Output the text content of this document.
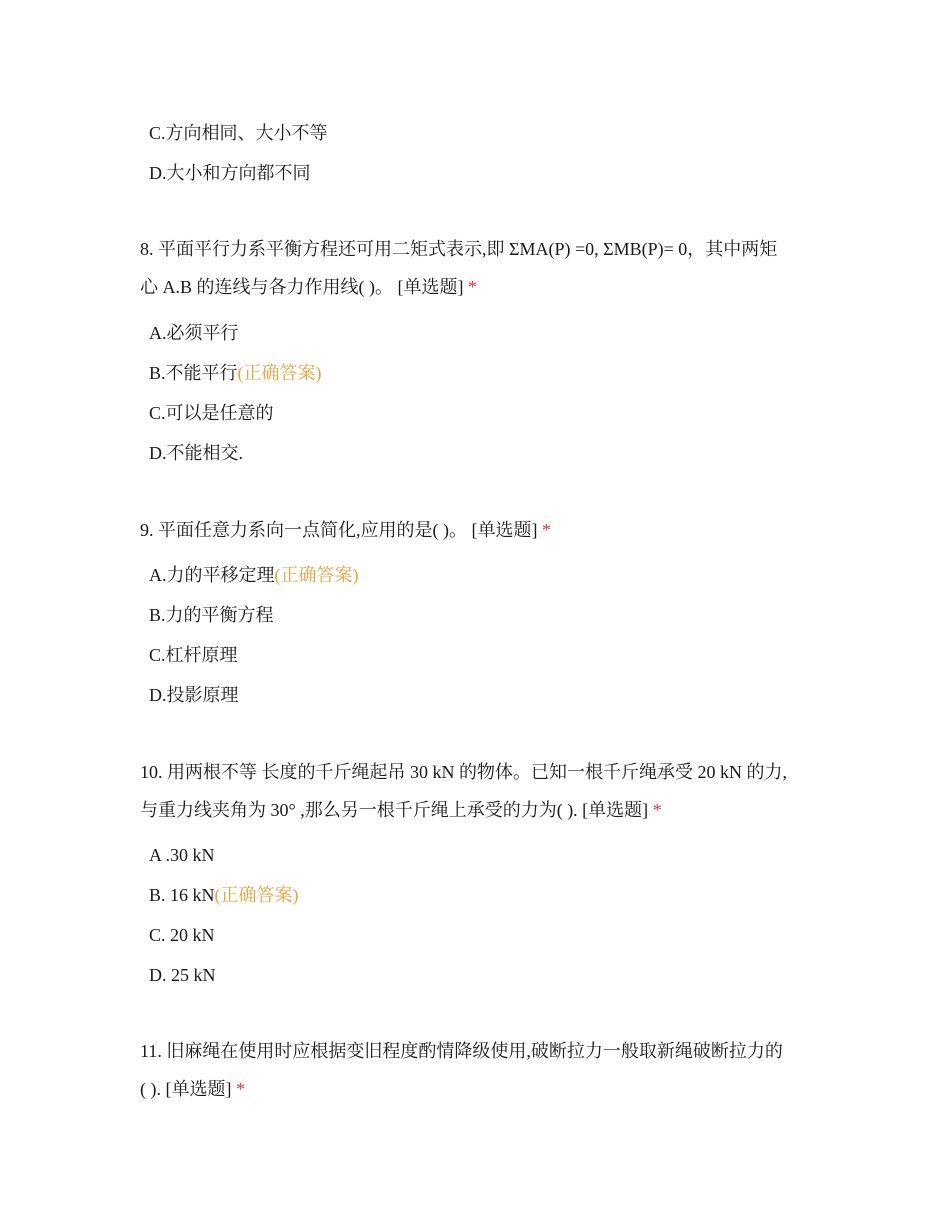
C.方向相同、大小不等
D.大小和方向都不同
8. 平面平行力系平衡方程还可用二矩式表示,即 ΣMA(P) =0, ΣMB(P)= 0，其中两矩
心 A.B 的连线与各力作用线( )。 [单选题] *
A.必须平行
B.不能平行(正确答案)
C.可以是任意的
D.不能相交.
9. 平面任意力系向一点简化,应用的是( )。 [单选题] *
A.力的平移定理(正确答案)
B.力的平衡方程
C.杠杆原理
D.投影原理
10. 用两根不等 长度的千斤绳起吊 30 kN 的物体。已知一根千斤绳承受 20 kN 的力,
与重力线夹角为 30° ,那么另一根千斤绳上承受的力为( ). [单选题] *
A .30 kN
B. 16 kN(正确答案)
C. 20 kN
D. 25 kN
11. 旧麻绳在使用时应根据变旧程度酌情降级使用,破断拉力一般取新绳破断拉力的
( ). [单选题] *
